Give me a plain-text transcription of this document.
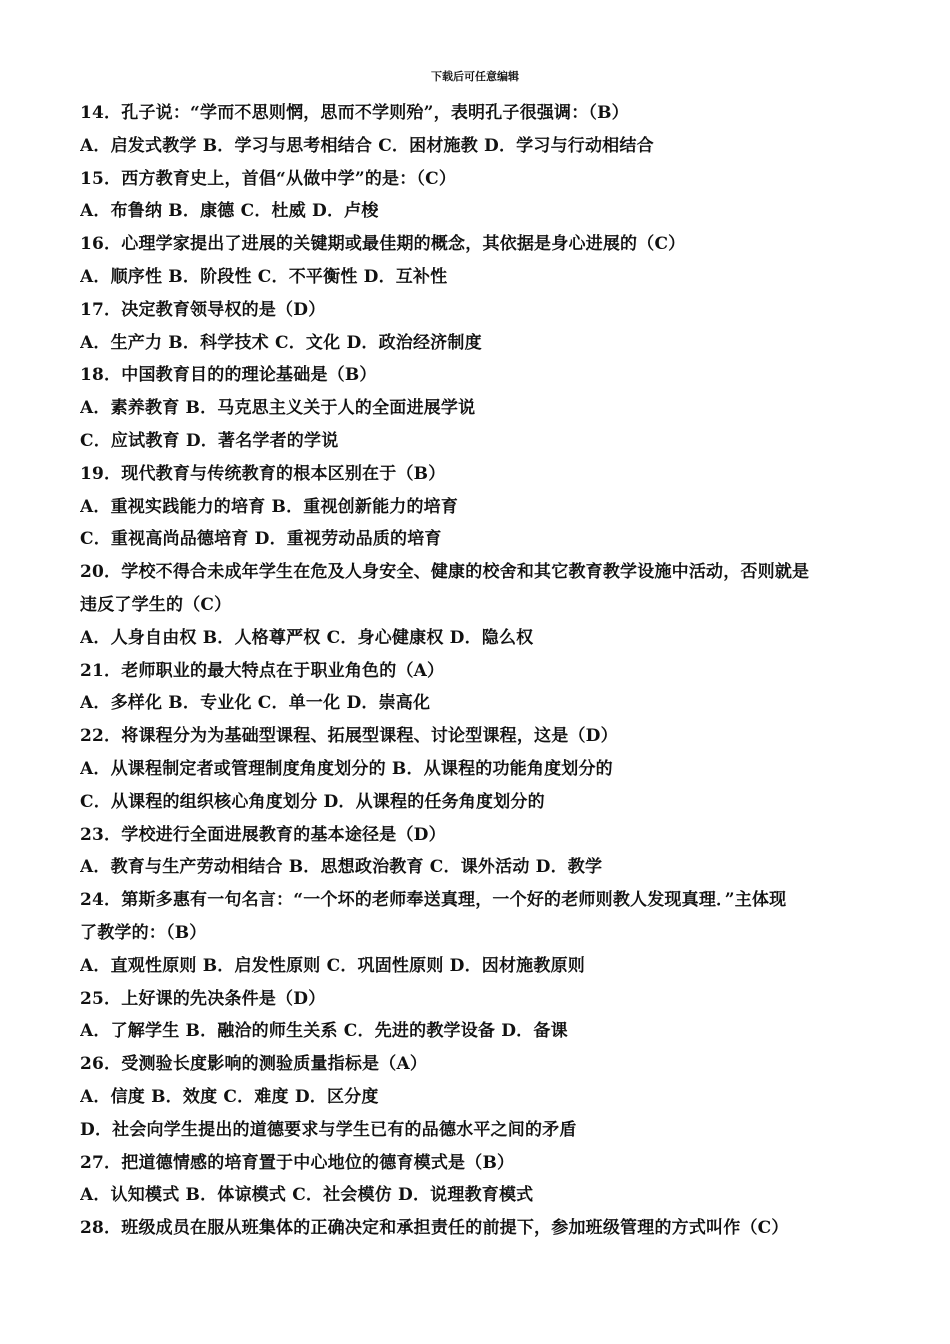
下载后可任意编辑
14．孔子说：“学而不思则惘，思而不学则殆”，表明孔子很强调：（B）
A．启发式教学 B．学习与思考相结合 C．困材施教 D．学习与行动相结合
15．西方教育史上，首倡“从做中学”的是：（C）
A．布鲁纳 B．康德 C．杜威 D．卢梭
16．心理学家提出了进展的关键期或最佳期的概念，其依据是身心进展的（C）
A．顺序性 B．阶段性 C．不平衡性 D．互补性
17．决定教育领导权的是（D）
A．生产力 B．科学技术 C．文化 D．政治经济制度
18．中国教育目的的理论基础是（B）
A．素养教育 B．马克思主义关于人的全面进展学说
C．应试教育 D．著名学者的学说
19．现代教育与传统教育的根本区别在于（B）
A．重视实践能力的培育 B．重视创新能力的培育
C．重视高尚品德培育 D．重视劳动品质的培育
20．学校不得合未成年学生在危及人身安全、健康的校舍和其它教育教学设施中活动，否则就是
违反了学生的（C）
A．人身自由权 B．人格尊严权 C．身心健康权 D．隐么权
21．老师职业的最大特点在于职业角色的（A）
A．多样化 B．专业化 C．单一化 D．崇高化
22．将课程分为为基础型课程、拓展型课程、讨论型课程，这是（D）
A．从课程制定者或管理制度角度划分的 B．从课程的功能角度划分的
C．从课程的组织核心角度划分 D．从课程的任务角度划分的
23．学校进行全面进展教育的基本途径是（D）
A．教育与生产劳动相结合 B．思想政治教育 C．课外活动 D．教学
24．第斯多惠有一句名言：“一个坏的老师奉送真理，一个好的老师则教人发现真理．”主体现
了教学的：（B）
A．直观性原则 B．启发性原则 C．巩固性原则 D．因材施教原则
25．上好课的先决条件是（D）
A．了解学生 B．融洽的师生关系 C．先进的教学设备 D．备课
26．受测验长度影响的测验质量指标是（A）
A．信度 B．效度 C．难度 D．区分度
D．社会向学生提出的道德要求与学生已有的品德水平之间的矛盾
27．把道德情感的培育置于中心地位的德育模式是（B）
A．认知模式 B．体谅模式 C．社会模仿 D．说理教育模式
28．班级成员在服从班集体的正确决定和承担责任的前提下，参加班级管理的方式叫作（C）
